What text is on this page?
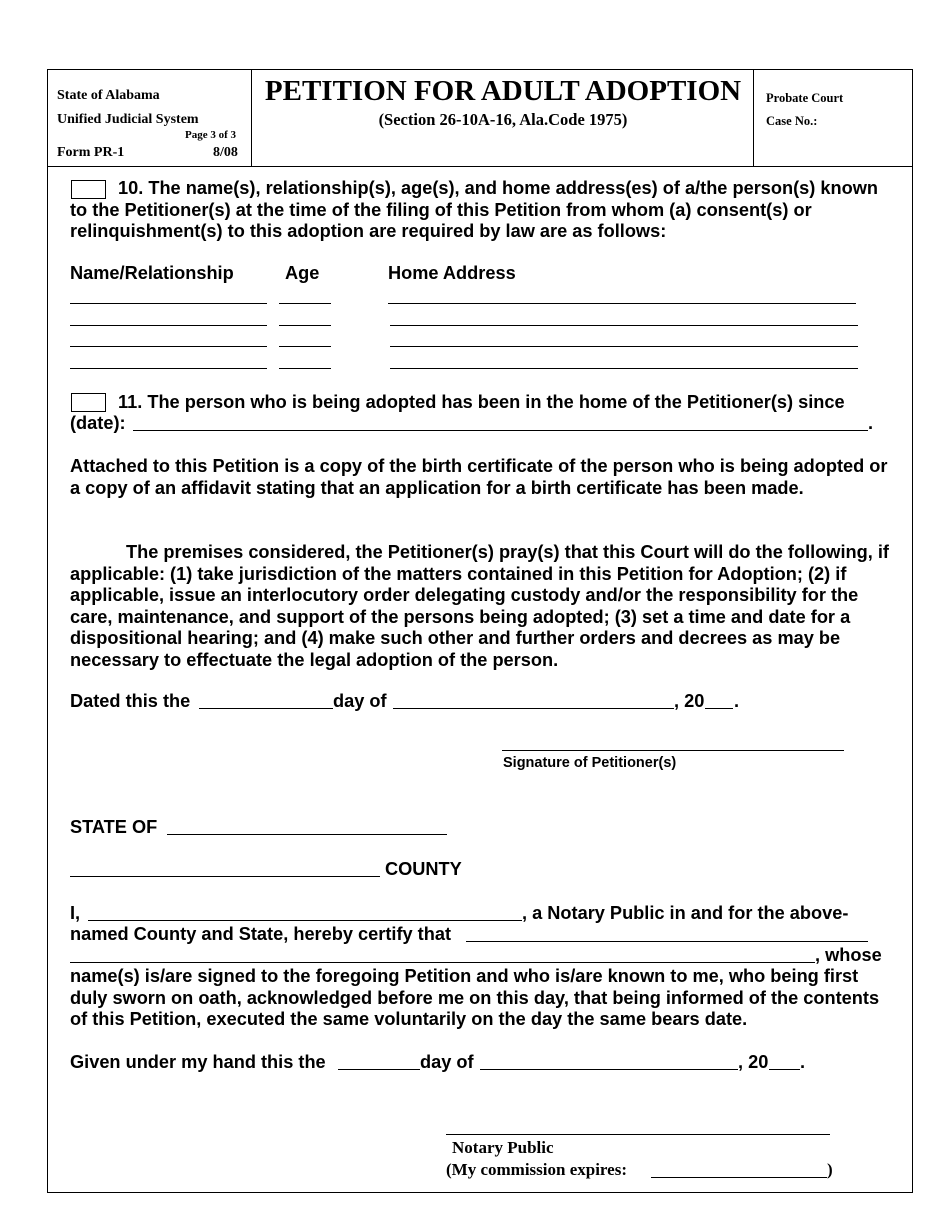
State of Alabama
Unified Judicial System
Page 3 of 3
Form PR-1	8/08
PETITION FOR ADULT ADOPTION
(Section 26-10A-16, Ala.Code 1975)
Probate Court
Case No.:
10. The name(s), relationship(s), age(s), and home address(es) of a/the person(s) known to the Petitioner(s) at the time of the filing of this Petition from whom (a) consent(s) or relinquishment(s) to this adoption are required by law are as follows:
Name/Relationship	Age	Home Address
11. The person who is being adopted has been in the home of the Petitioner(s) since
(date):	.
Attached to this Petition is a copy of the birth certificate of the person who is being adopted or a copy of an affidavit stating that an application for a birth certificate has been made.
The premises considered, the Petitioner(s) pray(s) that this Court will do the following, if applicable: (1) take jurisdiction of the matters contained in this Petition for Adoption; (2) if applicable, issue an interlocutory order delegating custody and/or the responsibility for the care, maintenance, and support of the persons being adopted; (3) set a time and date for a dispositional hearing; and (4) make such other and further orders and decrees as may be necessary to effectuate the legal adoption of the person.
Dated this the	day of	, 20 .
Signature of Petitioner(s)
STATE OF
COUNTY
I,	, a Notary Public in and for the above-
named County and State, hereby certify that
, whose
name(s) is/are signed to the foregoing Petition and who is/are known to me, who being first duly sworn on oath, acknowledged before me on this day, that being informed of the contents of this Petition, executed the same voluntarily on the day the same bears date.
Given under my hand this the	day of	, 20 .
Notary Public
(My commission expires:	)
